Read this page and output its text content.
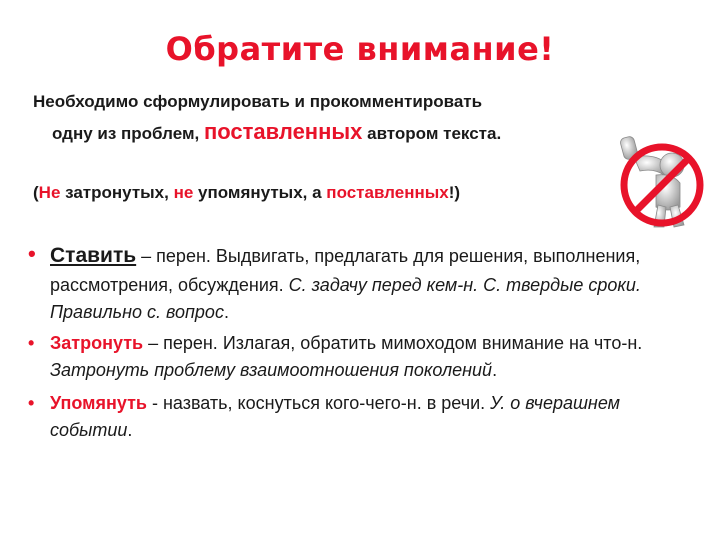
Обратите внимание!
Необходимо сформулировать и прокомментировать
одну из проблем, поставленных автором текста.
(Не затронутых, не упомянутых, а поставленных!)
• Ставить – перен. Выдвигать, предлагать для решения, выполнения, рассмотрения, обсуждения. С. задачу перед кем-н. С. твердые сроки. Правильно с. вопрос.
• Затронуть – перен. Излагая, обратить мимоходом внимание на что-н. Затронуть проблему взаимоотношения поколений.
• Упомянуть - назвать, коснуться кого-чего-н. в речи. У. о вчерашнем событии.
